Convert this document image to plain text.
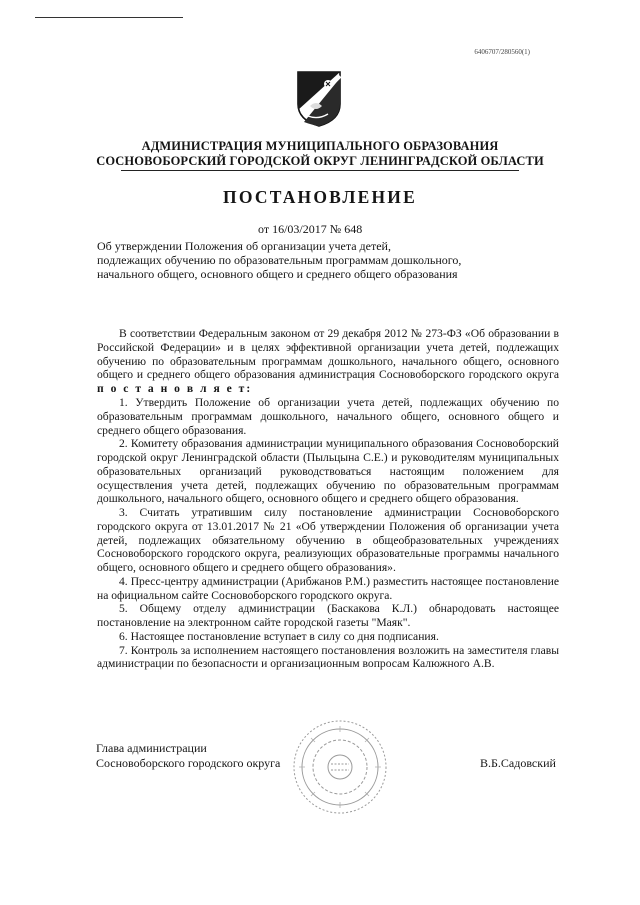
6406707/280560(1)
АДМИНИСТРАЦИЯ МУНИЦИПАЛЬНОГО ОБРАЗОВАНИЯ
СОСНОВОБОРСКИЙ ГОРОДСКОЙ ОКРУГ ЛЕНИНГРАДСКОЙ ОБЛАСТИ
ПОСТАНОВЛЕНИЕ
от 16/03/2017 № 648
Об утверждении Положения об организации учета детей,
подлежащих обучению по образовательным программам дошкольного,
начального общего, основного общего и среднего общего образования

В соответствии Федеральным законом от 29 декабря 2012 № 273-ФЗ «Об образовании в Российской Федерации» и в целях эффективной организации учета детей, подлежащих обучению по образовательным программам дошкольного, начального общего, основного общего и среднего общего образования администрация Сосновоборского городского округа п о с т а н о в л я е т:

1. Утвердить Положение об организации учета детей, подлежащих обучению по образовательным программам дошкольного, начального общего, основного общего и среднего общего образования.

2. Комитету образования администрации муниципального образования Сосновоборский городской округ Ленинградской области (Пыльцына С.Е.) и руководителям муниципальных образовательных организаций руководствоваться настоящим положением для осуществления учета детей, подлежащих обучению по образовательным программам дошкольного, начального общего, основного общего и среднего общего образования.

3. Считать утратившим силу постановление администрации Сосновоборского городского округа от 13.01.2017 № 21 «Об утверждении Положения об организации учета детей, подлежащих обязательному обучению в общеобразовательных учреждениях Сосновоборского городского округа, реализующих образовательные программы начального общего, основного общего и среднего общего образования».

4. Пресс-центру администрации (Арибжанов Р.М.) разместить настоящее постановление на официальном сайте Сосновоборского городского округа.

5. Общему отделу администрации (Баскакова К.Л.) обнародовать настоящее постановление на электронном сайте городской газеты "Маяк".

6. Настоящее постановление вступает в силу со дня подписания.

7. Контроль за исполнением настоящего постановления возложить на заместителя главы администрации по безопасности и организационным вопросам Калюжного А.В.

Глава администрации
Сосновоборского городского округа	В.Б.Садовский
